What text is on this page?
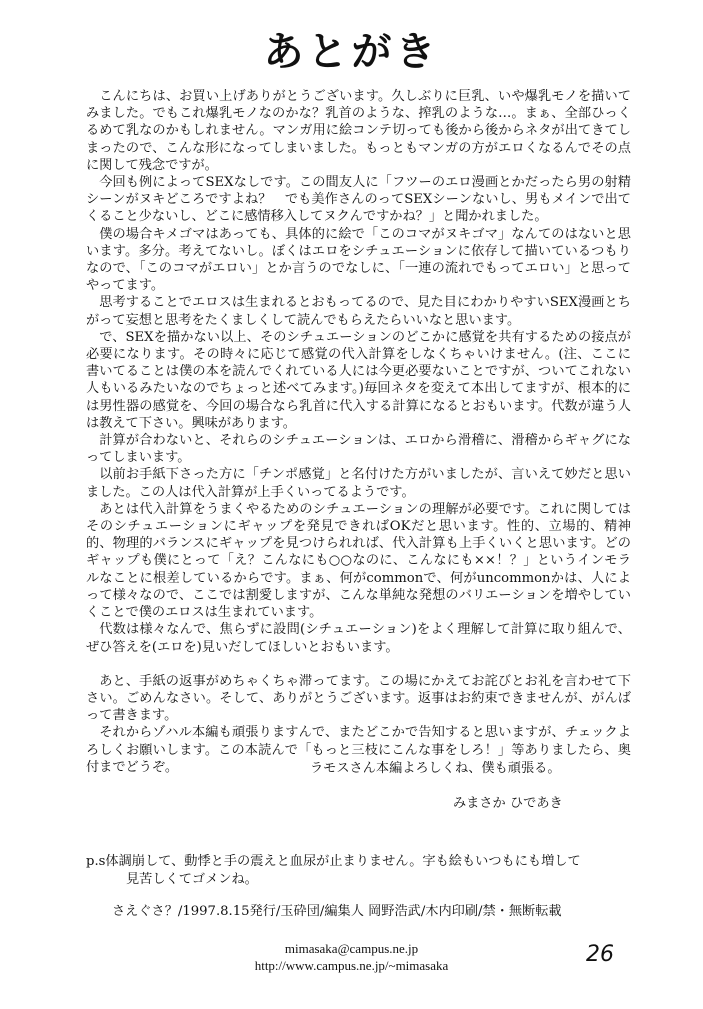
あとがき

こんにちは、お買い上げありがとうございます。久しぶりに巨乳、いや爆乳モノを描いてみました。でもこれ爆乳モノなのかな？乳首のような、搾乳のような…。まぁ、全部ひっくるめて乳なのかもしれません。マンガ用に絵コンテ切っても後から後からネタが出てきてしまったので、こんな形になってしまいました。もっともマンガの方がエロくなるんでその点に関して残念ですが。

今回も例によってSEXなしです。この間友人に「フツーのエロ漫画とかだったら男の射精シーンがヌキどころですよね？　でも美作さんのってSEXシーンないし、男もメインで出てくること少ないし、どこに感情移入してヌクんですかね？」と聞かれました。

僕の場合キメゴマはあっても、具体的に絵で「このコマがヌキゴマ」なんてのはないと思います。多分。考えてないし。ぼくはエロをシチュエーションに依存して描いているつもりなので、「このコマがエロい」とか言うのでなしに、「一連の流れでもってエロい」と思ってやってます。

思考することでエロスは生まれるとおもってるので、見た目にわかりやすいSEX漫画とちがって妄想と思考をたくましくして読んでもらえたらいいなと思います。

で、SEXを描かない以上、そのシチュエーションのどこかに感覚を共有するための接点が必要になります。その時々に応じて感覚の代入計算をしなくちゃいけません。(注、ここに書いてることは僕の本を読んでくれている人には今更必要ないことですが、ついてこれない人もいるみたいなのでちょっと述べてみます。)毎回ネタを変えて本出してますが、根本的には男性器の感覚を、今回の場合なら乳首に代入する計算になるとおもいます。代数が違う人は教えて下さい。興味があります。

計算が合わないと、それらのシチュエーションは、エロから滑稽に、滑稽からギャグになってしまいます。

以前お手紙下さった方に「チンポ感覚」と名付けた方がいましたが、言いえて妙だと思いました。この人は代入計算が上手くいってるようです。

あとは代入計算をうまくやるためのシチュエーションの理解が必要です。これに関してはそのシチュエーションにギャップを発見できればOKだと思います。性的、立場的、精神的、物理的バランスにギャップを見つけられれば、代入計算も上手くいくと思います。どのギャップも僕にとって「え？こんなにも○○なのに、こんなにも××！？」というインモラルなことに根差しているからです。まぁ、何がcommonで、何がuncommonかは、人によって様々なので、ここでは割愛しますが、こんな単純な発想のバリエーションを増やしていくことで僕のエロスは生まれています。

代数は様々なんで、焦らずに設問(シチュエーション)をよく理解して計算に取り組んで、ぜひ答えを(エロを)見いだしてほしいとおもいます。

あと、手紙の返事がめちゃくちゃ滞ってます。この場にかえてお詫びとお礼を言わせて下さい。ごめんなさい。そして、ありがとうございます。返事はお約束できませんが、がんばって書きます。

それからゾハル本編も頑張りますんで、またどこかで告知すると思いますが、チェックよろしくお願いします。この本読んで「もっと三枝にこんな事をしろ！」等ありましたら、奥付までどうぞ。	ラモスさん本編よろしくね、僕も頑張る。
みまさか ひであき
p.s体調崩して、動悸と手の震えと血尿が止まりません。字も絵もいつもにも増して
見苦しくてゴメンね。
さえぐさ？/1997.8.15発行/玉砕団/編集人 岡野浩武/木内印刷/禁・無断転載
mimasaka@campus.ne.jp
http://www.campus.ne.jp/~mimasaka	26
